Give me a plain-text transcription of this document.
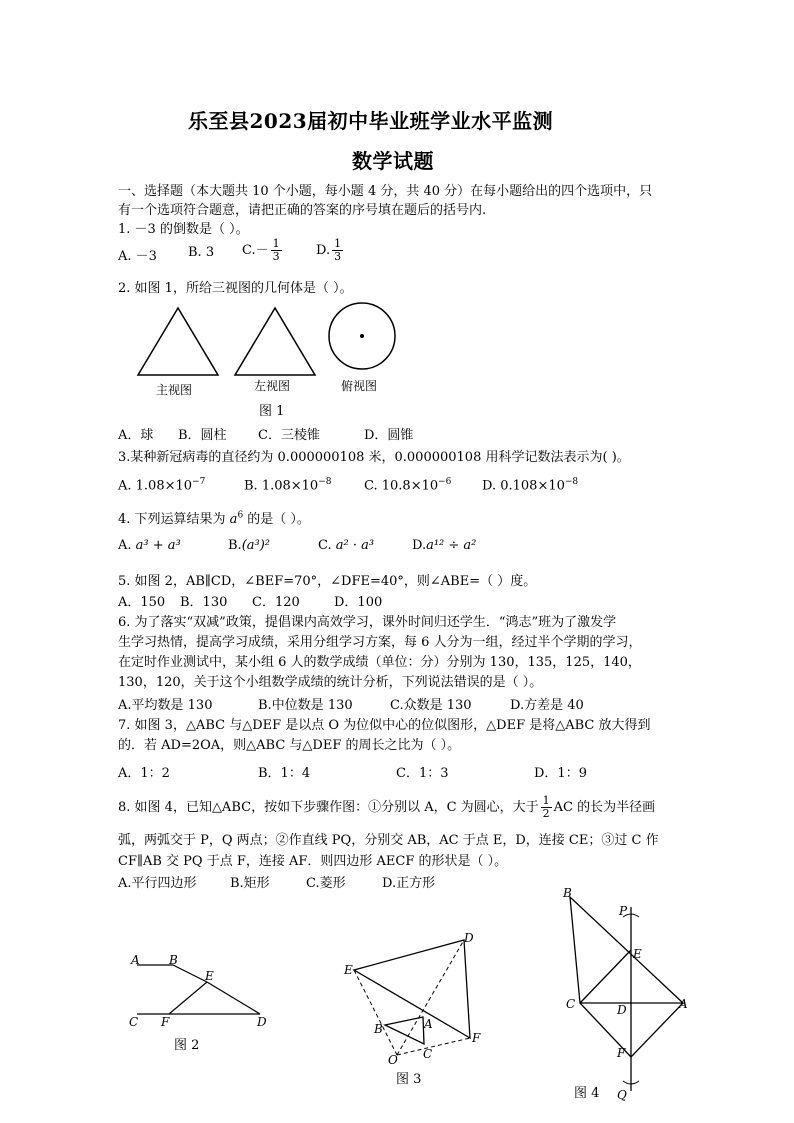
乐至县2023届初中毕业班学业水平监测
数学试题
一、选择题（本大题共 10 个小题，每小题 4 分，共 40 分）在每小题给出的四个选项中，只
有一个选项符合题意，请把正确的答案的序号填在题后的括号内.
1. －3 的倒数是（ ）。
A. －3 B. 3 $C.- \frac{1}{3}$	D. $\frac{1}{3}$
2. 如图 1，所给三视图的几何体是（ ）。
主视图	左视图	俯视图
图 1
A．球 B．圆柱 C．三棱锥	D．圆锥
3.某种新冠病毒的直径约为 0.000000108 米，0.000000108 用科学记数法表示为( )。
A. $1.08\times 10^{-7}$	B. $1.08\times 10^{-8}$	C. $10.8\times 10^{-6}$ D. $0.108\times 10^{-8}$
4. 下列运算结果为 $a^6$ 的是（ ）。
A. a³ + a³	B.(a³)²	C. a² · a³	D.a¹² ÷ a²
5. 如图 2，AB∥CD，∠BEF=70°，∠DFE=40°，则∠ABE=（ ）度。
A．150 B．130 C．120	D．100
6. 为了落实“双减”政策，提倡课内高效学习，课外时间归还学生．“鸿志”班为了激发学
生学习热情，提高学习成绩，采用分组学习方案，每 6 人分为一组，经过半个学期的学习，
在定时作业测试中，某小组 6 人的数学成绩（单位：分）分别为 130，135，125，140，
130，120，关于这个小组数学成绩的统计分析，下列说法错误的是（ ）。
A.平均数是 130	B.中位数是 130	C.众数是 130	D.方差是 40
7. 如图 3，△ABC 与△DEF 是以点 O 为位似中心的位似图形，△DEF 是将△ABC 放大得到
的．若 AD=2OA，则△ABC 与△DEF 的周长之比为（ ）。
A．1：2	B．1：4	C．1：3	D．1：9
8. 如图 4，已知△ABC，按如下步骤作图：①分别以 A，C 为圆心，大于 $\frac{1}{2}$ AC 的长为半径画
弧，两弧交于 P，Q 两点；②作直线 PQ，分别交 AB，AC 于点 E，D，连接 CE；③过 C 作
CF∥AB 交 PQ 于点 F，连接 AF．则四边形 AECF 的形状是（ ）。
A.平行四边形	B.矩形	C.菱形	D.正方形
A B
E
C F	D
图 2
D
E
F
A
B
C
O
图 3
B
P
E
C	D	A
F
Q
图 4
